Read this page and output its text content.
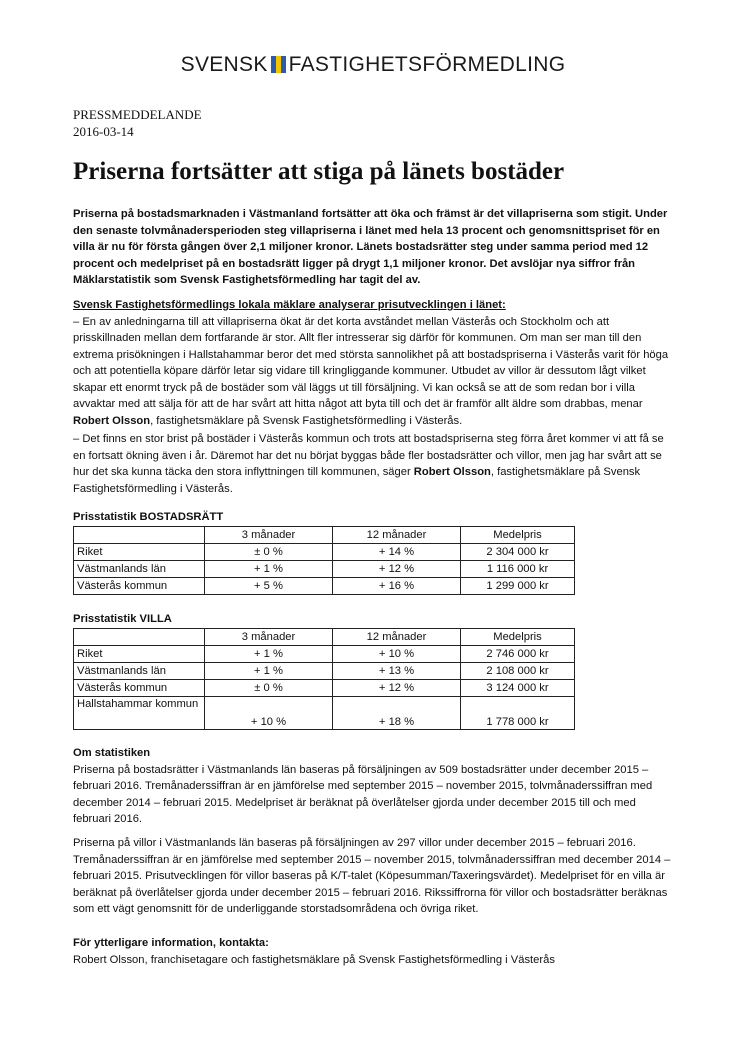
SVENSK FASTIGHETSFÖRMEDLING
PRESSMEDDELANDE
2016-03-14
Priserna fortsätter att stiga på länets bostäder

Priserna på bostadsmarknaden i Västmanland fortsätter att öka och främst är det villapriserna som stigit. Under den senaste tolvmånadersperioden steg villapriserna i länet med hela 13 procent och genomsnittspriset för en villa är nu för första gången över 2,1 miljoner kronor. Länets bostadsrätter steg under samma period med 12 procent och medelpriset på en bostadsrätt ligger på drygt 1,1 miljoner kronor. Det avslöjar nya siffror från Mäklarstatistik som Svensk Fastighetsförmedling har tagit del av.

Svensk Fastighetsförmedlings lokala mäklare analyserar prisutvecklingen i länet:

– En av anledningarna till att villapriserna ökat är det korta avståndet mellan Västerås och Stockholm och att prisskillnaden mellan dem fortfarande är stor. Allt fler intresserar sig därför för kommunen. Om man ser man till den extrema prisökningen i Hallstahammar beror det med största sannolikhet på att bostadspriserna i Västerås varit för höga och att potentiella köpare därför letar sig vidare till kringliggande kommuner. Utbudet av villor är dessutom lågt vilket skapar ett enormt tryck på de bostäder som väl läggs ut till försäljning. Vi kan också se att de som redan bor i villa avvaktar med att sälja för att de har svårt att hitta något att byta till och det är framför allt äldre som drabbas, menar Robert Olsson, fastighetsmäklare på Svensk Fastighetsförmedling i Västerås.

– Det finns en stor brist på bostäder i Västerås kommun och trots att bostadspriserna steg förra året kommer vi att få se en fortsatt ökning även i år. Däremot har det nu börjat byggas både fler bostadsrätter och villor, men jag har svårt att se hur det ska kunna täcka den stora inflyttningen till kommunen, säger Robert Olsson, fastighetsmäklare på Svensk Fastighetsförmedling i Västerås.

Prisstatistik BOSTADSRÄTT
	3 månader	12 månader	Medelpris
Riket	± 0 %	+ 14 %	2 304 000 kr
Västmanlands län	+ 1 %	+ 12 %	1 116 000 kr
Västerås kommun	+ 5 %	+ 16 %	1 299 000 kr
Prisstatistik VILLA
	3 månader	12 månader	Medelpris
Riket	+ 1 %	+ 10 %	2 746 000 kr
Västmanlands län	+ 1 %	+ 13 %	2 108 000 kr
Västerås kommun	± 0 %	+ 12 %	3 124 000 kr
Hallstahammar kommun	+ 10 %	+ 18 %	1 778 000 kr
Om statistiken

Priserna på bostadsrätter i Västmanlands län baseras på försäljningen av 509 bostadsrätter under december 2015 – februari 2016. Tremånaderssiffran är en jämförelse med september 2015 – november 2015, tolvmånaderssiffran med december 2014 – februari 2015. Medelpriset är beräknat på överlåtelser gjorda under december 2015 till och med februari 2016.

Priserna på villor i Västmanlands län baseras på försäljningen av 297 villor under december 2015 – februari 2016. Tremånaderssiffran är en jämförelse med september 2015 – november 2015, tolvmånaderssiffran med december 2014 – februari 2015. Prisutvecklingen för villor baseras på K/T-talet (Köpesumman/Taxeringsvärdet). Medelpriset för en villa är beräknat på överlåtelser gjorda under december 2015 – februari 2016. Rikssiffrorna för villor och bostadsrätter beräknas som ett vägt genomsnitt för de underliggande storstadsområdena och övriga riket.

För ytterligare information, kontakta:
Robert Olsson, franchisetagare och fastighetsmäklare på Svensk Fastighetsförmedling i Västerås
